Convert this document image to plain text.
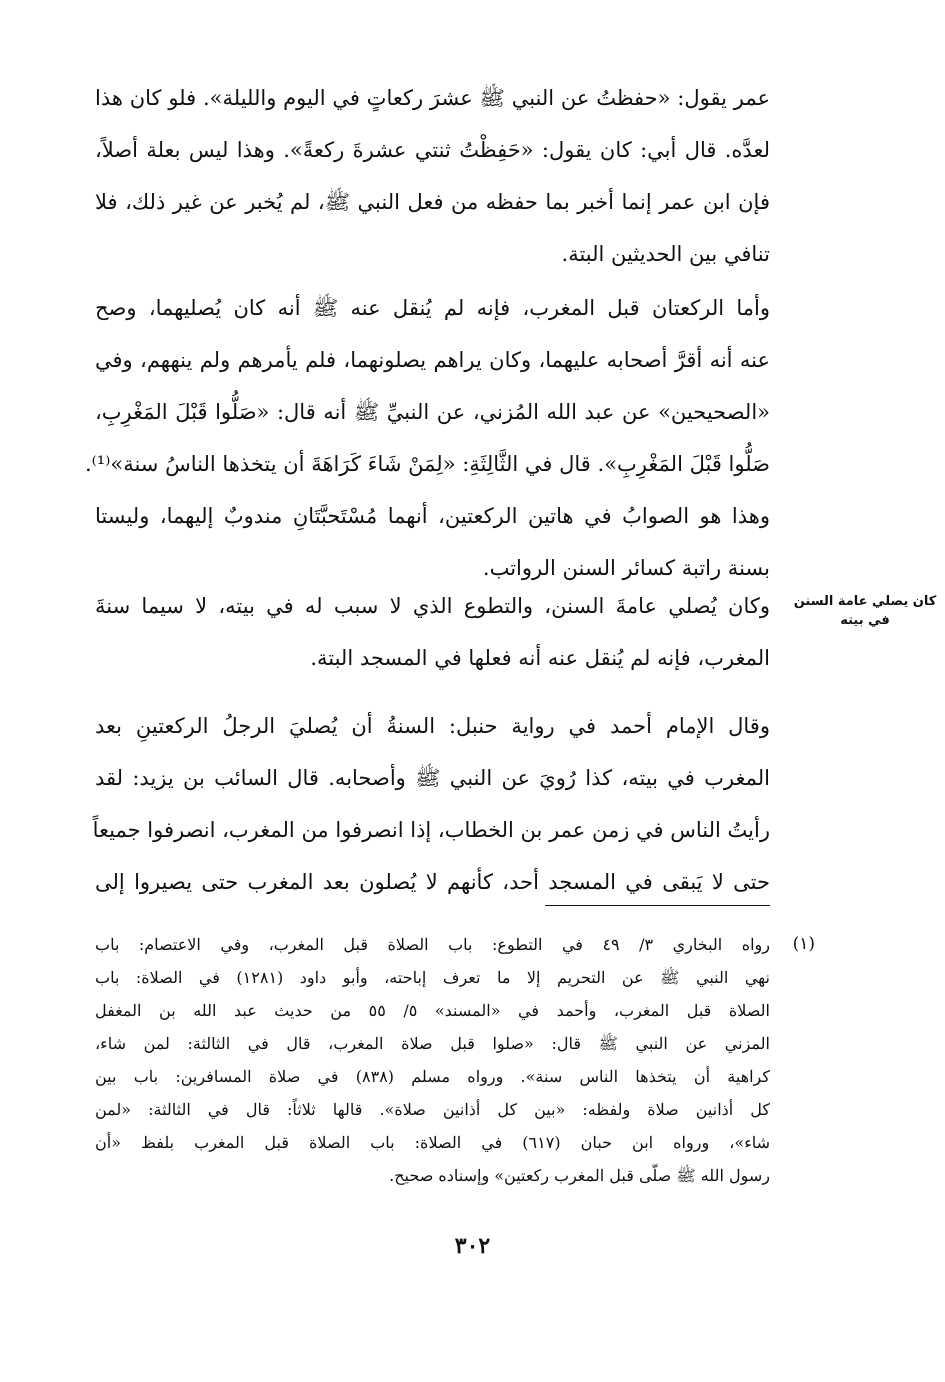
عمر يقول: «حفظتُ عن النبي ﷺ عشرَ ركعاتٍ في اليوم والليلة». فلو كان هذا
لعدَّه. قال أبي: كان يقول: «حَفِظْتُ ثنتي عشرةَ ركعةً». وهذا ليس بعلة أصلاً،
فإن ابن عمر إنما أخبر بما حفظه من فعل النبي ﷺ، لم يُخبر عن غير ذلك، فلا
تنافي بين الحديثين البتة.
وأما الركعتان قبل المغرب، فإنه لم يُنقل عنه ﷺ أنه كان يُصليهما، وصح
عنه أنه أقرَّ أصحابه عليهما، وكان يراهم يصلونهما، فلم يأمرهم ولم ينههم، وفي
«الصحيحين» عن عبد الله المُزني، عن النبيِّ ﷺ أنه قال: «صَلُّوا قَبْلَ المَغْرِبِ،
صَلُّوا قَبْلَ المَغْرِبِ». قال في الثَّالِثَةِ: «لِمَنْ شَاءَ كَرَاهَةَ أن يتخذها الناسُ سنة»⁽¹⁾.
وهذا هو الصوابُ في هاتين الركعتين، أنهما مُسْتَحبَّتَانِ مندوبٌ إليهما، وليستا
بسنة راتبة كسائر السنن الرواتب.
وكان يُصلي عامةَ السنن، والتطوع الذي لا سبب له في بيته، لا سيما سنةَ
المغرب، فإنه لم يُنقل عنه أنه فعلها في المسجد البتة.
وقال الإمام أحمد في رواية حنبل: السنةُ أن يُصليَ الرجلُ الركعتينِ بعد
المغرب في بيته، كذا رُويَ عن النبي ﷺ وأصحابه. قال السائب بن يزيد: لقد
رأيتُ الناس في زمن عمر بن الخطاب، إذا انصرفوا من المغرب، انصرفوا جميعاً
حتى لا يَبقى في المسجد أحد، كأنهم لا يُصلون بعد المغرب حتى يصيروا إلى
كان يصلي عامة السنن
في بيته
(١)
رواه البخاري ٣/ ٤٩ في التطوع: باب الصلاة قبل المغرب، وفي الاعتصام: باب
نهي النبي ﷺ عن التحريم إلا ما تعرف إباحته، وأبو داود (١٢٨١) في الصلاة: باب
الصلاة قبل المغرب، وأحمد في «المسند» ٥/ ٥٥ من حديث عبد الله بن المغفل
المزني عن النبي ﷺ قال: «صلوا قبل صلاة المغرب، قال في الثالثة: لمن شاء،
كراهية أن يتخذها الناس سنة». ورواه مسلم (٨٣٨) في صلاة المسافرين: باب بين
كل أذانين صلاة ولفظه: «بين كل أذانين صلاة». قالها ثلاثاً: قال في الثالثة: «لمن
شاء»، ورواه ابن حبان (٦١٧) في الصلاة: باب الصلاة قبل المغرب بلفظ «أن
رسول الله ﷺ صلّى قبل المغرب ركعتين» وإسناده صحيح.
٣٠٢
